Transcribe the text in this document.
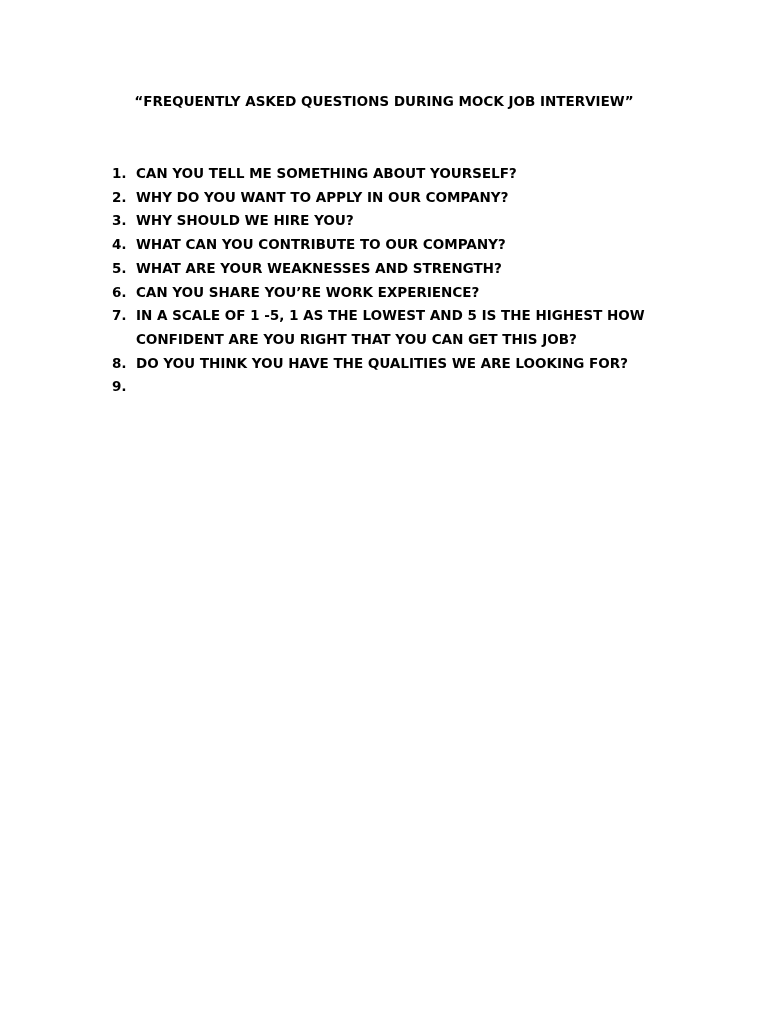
“FREQUENTLY ASKED QUESTIONS DURING MOCK JOB INTERVIEW”
1. CAN YOU TELL ME SOMETHING ABOUT YOURSELF?
2. WHY DO YOU WANT TO APPLY IN OUR COMPANY?
3. WHY SHOULD WE HIRE YOU?
4. WHAT CAN YOU CONTRIBUTE TO OUR COMPANY?
5. WHAT ARE YOUR WEAKNESSES AND STRENGTH?
6. CAN YOU SHARE YOU’RE WORK EXPERIENCE?
7. IN A SCALE OF 1 -5, 1 AS THE LOWEST AND 5 IS THE HIGHEST HOW CONFIDENT ARE YOU RIGHT THAT YOU CAN GET THIS JOB?
8. DO YOU THINK YOU HAVE THE QUALITIES WE ARE LOOKING FOR?
9.
